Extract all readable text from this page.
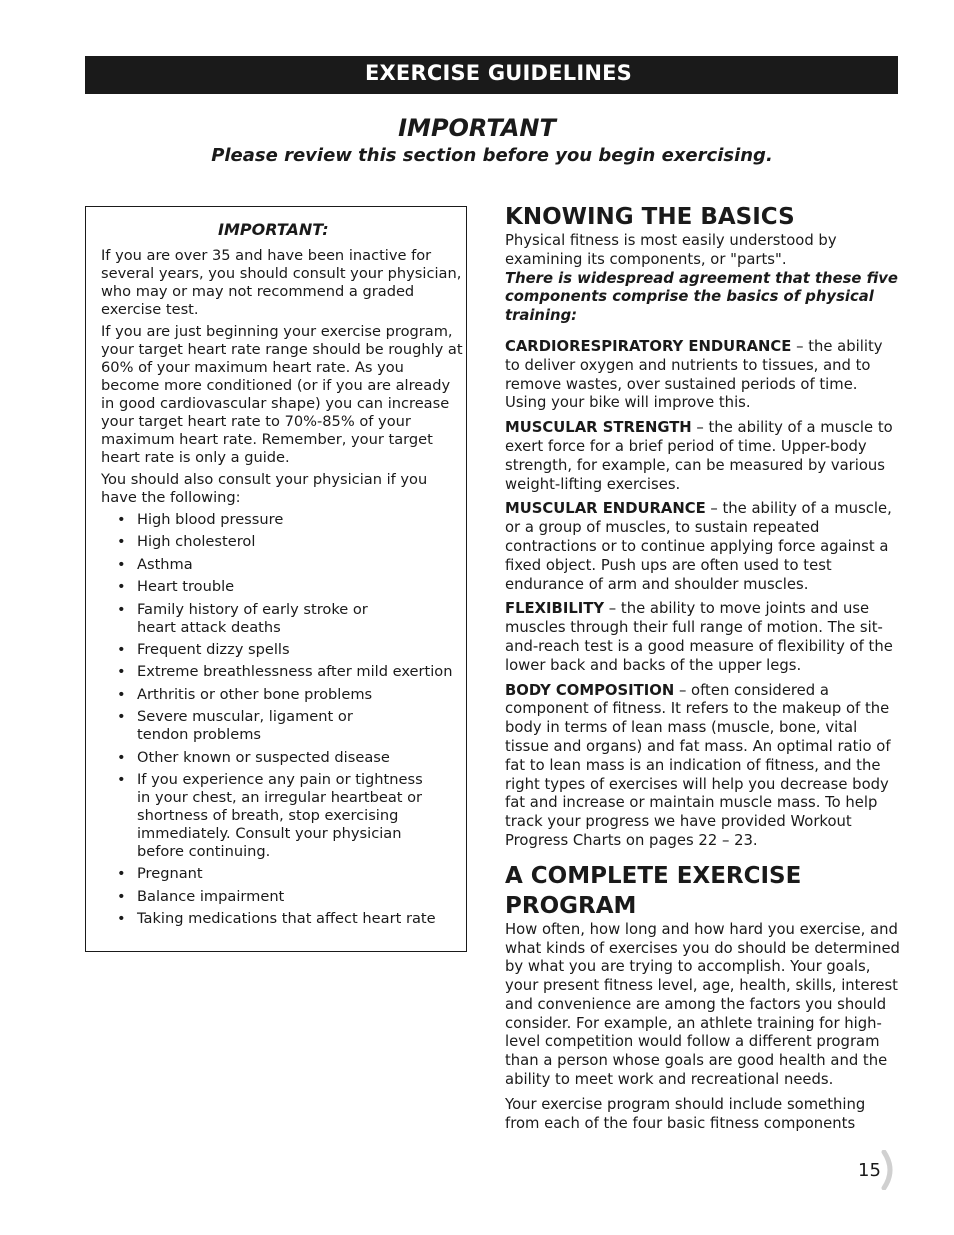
EXERCISE GUIDELINES
IMPORTANT
Please review this section before you begin exercising.
IMPORTANT:

If you are over 35 and have been inactive for several years, you should consult your physician, who may or may not recommend a graded exercise test.

If you are just beginning your exercise program, your target heart rate range should be roughly at 60% of your maximum heart rate. As you become more conditioned (or if you are already in good cardiovascular shape) you can increase your target heart rate to 70%-85% of your maximum heart rate. Remember, your target heart rate is only a guide.

You should also consult your physician if you have the following:

• High blood pressure
• High cholesterol
• Asthma
• Heart trouble
• Family history of early stroke or heart attack deaths
• Frequent dizzy spells
• Extreme breathlessness after mild exertion
• Arthritis or other bone problems
• Severe muscular, ligament or tendon problems
• Other known or suspected disease
• If you experience any pain or tightness in your chest, an irregular heartbeat or shortness of breath, stop exercising immediately. Consult your physician before continuing.
• Pregnant
• Balance impairment
• Taking medications that affect heart rate
KNOWING THE BASICS

Physical fitness is most easily understood by examining its components, or "parts".
There is widespread agreement that these five components comprise the basics of physical training:

CARDIORESPIRATORY ENDURANCE – the ability to deliver oxygen and nutrients to tissues, and to remove wastes, over sustained periods of time. Using your bike will improve this.

MUSCULAR STRENGTH – the ability of a muscle to exert force for a brief period of time. Upper-body strength, for example, can be measured by various weight-lifting exercises.

MUSCULAR ENDURANCE – the ability of a muscle, or a group of muscles, to sustain repeated contractions or to continue applying force against a fixed object. Push ups are often used to test endurance of arm and shoulder muscles.

FLEXIBILITY – the ability to move joints and use muscles through their full range of motion. The sit-and-reach test is a good measure of flexibility of the lower back and backs of the upper legs.

BODY COMPOSITION – often considered a component of fitness. It refers to the makeup of the body in terms of lean mass (muscle, bone, vital tissue and organs) and fat mass. An optimal ratio of fat to lean mass is an indication of fitness, and the right types of exercises will help you decrease body fat and increase or maintain muscle mass. To help track your progress we have provided Workout Progress Charts on pages 22 – 23.

A COMPLETE EXERCISE PROGRAM

How often, how long and how hard you exercise, and what kinds of exercises you do should be determined by what you are trying to accomplish. Your goals, your present fitness level, age, health, skills, interest and convenience are among the factors you should consider. For example, an athlete training for high-level competition would follow a different program than a person whose goals are good health and the ability to meet work and recreational needs.

Your exercise program should include something from each of the four basic fitness components

15
